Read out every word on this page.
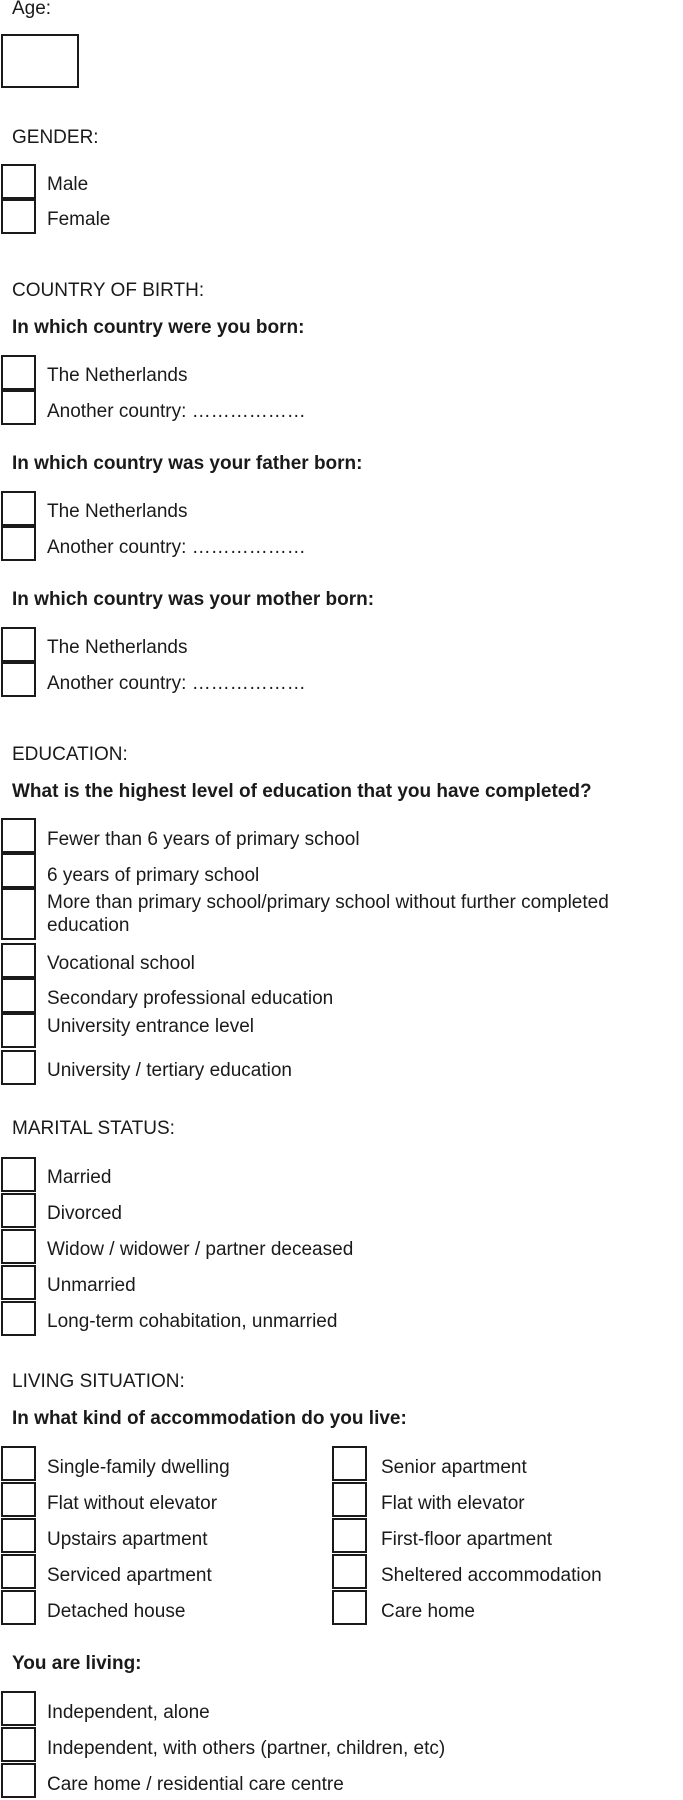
Age:
GENDER:
Male
Female
COUNTRY OF BIRTH:
In which country were you born:
The Netherlands
Another country: ………………
In which country was your father born:
The Netherlands
Another country: ………………
In which country was your mother born:
The Netherlands
Another country: ………………
EDUCATION:
What is the highest level of education that you have completed?
Fewer than 6 years of primary school
6 years of primary school
More than primary school/primary school without further completed education
Vocational school
Secondary professional education
University entrance level
University / tertiary education
MARITAL STATUS:
Married
Divorced
Widow / widower / partner deceased
Unmarried
Long-term cohabitation, unmarried
LIVING SITUATION:
In what kind of accommodation do you live:
Single-family dwelling
Flat without elevator
Upstairs apartment
Serviced apartment
Detached house
Senior apartment
Flat with elevator
First-floor apartment
Sheltered accommodation
Care home
You are living:
Independent, alone
Independent, with others (partner, children, etc)
Care home / residential care centre
